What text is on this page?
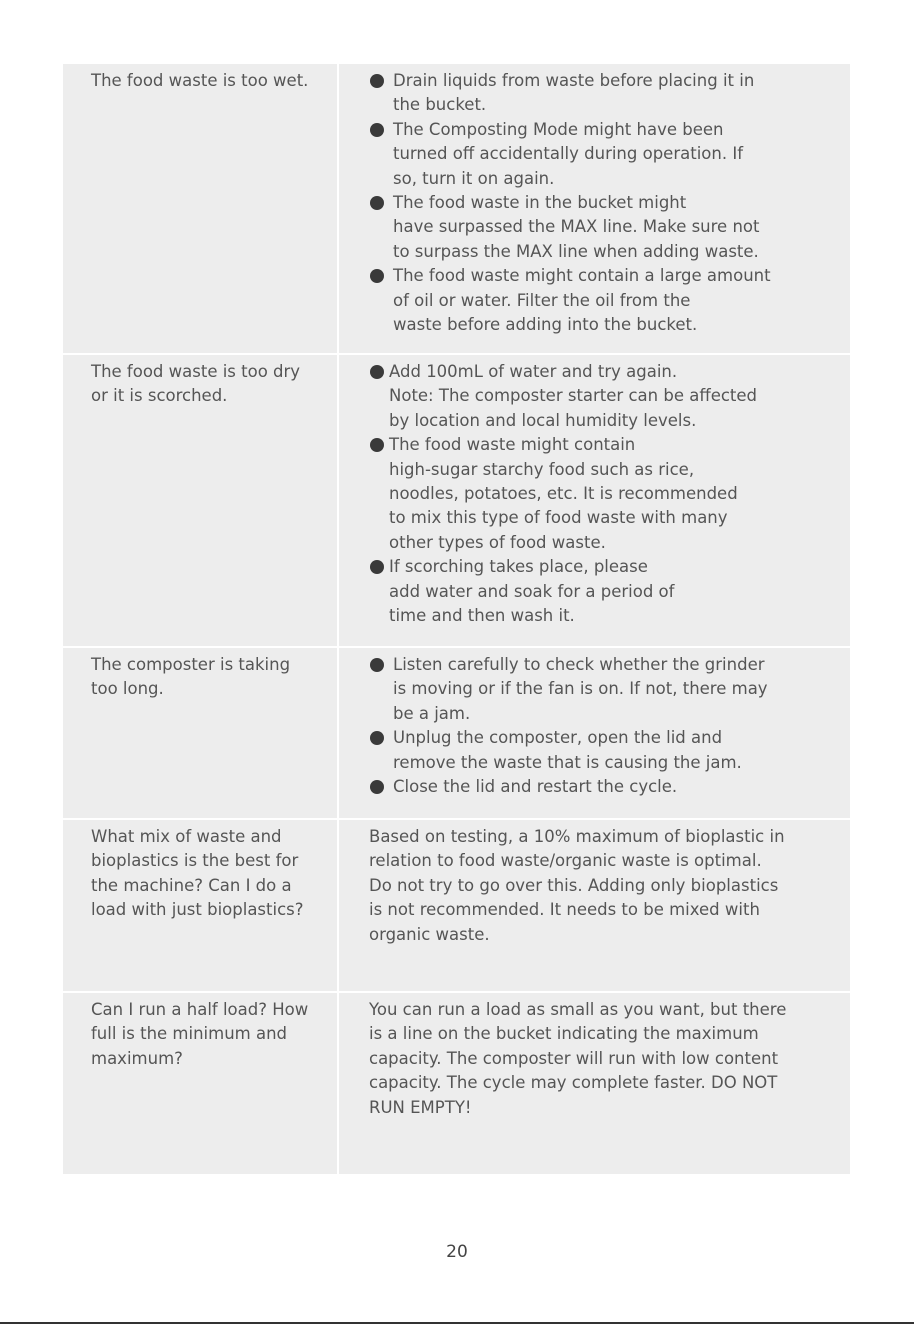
The food waste is too wet.	Drain liquids from waste before placing it in
the bucket.
The Composting Mode might have been
turned off accidentally during operation. If
so, turn it on again.
The food waste in the bucket might
have surpassed the MAX line. Make sure not
to surpass the MAX line when adding waste.
The food waste might contain a large amount
of oil or water. Filter the oil from the
waste before adding into the bucket.
The food waste is too dry
or it is scorched.
Add 100mL of water and try again.
Note: The composter starter can be affected
by location and local humidity levels.
The food waste might contain
high-sugar starchy food such as rice,
noodles, potatoes, etc. It is recommended
to mix this type of food waste with many
other types of food waste.
If scorching takes place, please
add water and soak for a period of
time and then wash it.
The composter is taking
too long.
Listen carefully to check whether the grinder
is moving or if the fan is on. If not, there may
be a jam.
Unplug the composter, open the lid and
remove the waste that is causing the jam.
Close the lid and restart the cycle.
What mix of waste and
bioplastics is the best for
the machine? Can I do a
load with just bioplastics?
Based on testing, a 10% maximum of bioplastic in
relation to food waste/organic waste is optimal.
Do not try to go over this. Adding only bioplastics
is not recommended. It needs to be mixed with
organic waste.
Can I run a half load? How
full is the minimum and
maximum?
You can run a load as small as you want, but there
is a line on the bucket indicating the maximum
capacity. The composter will run with low content
capacity. The cycle may complete faster. DO NOT
RUN EMPTY!
20
